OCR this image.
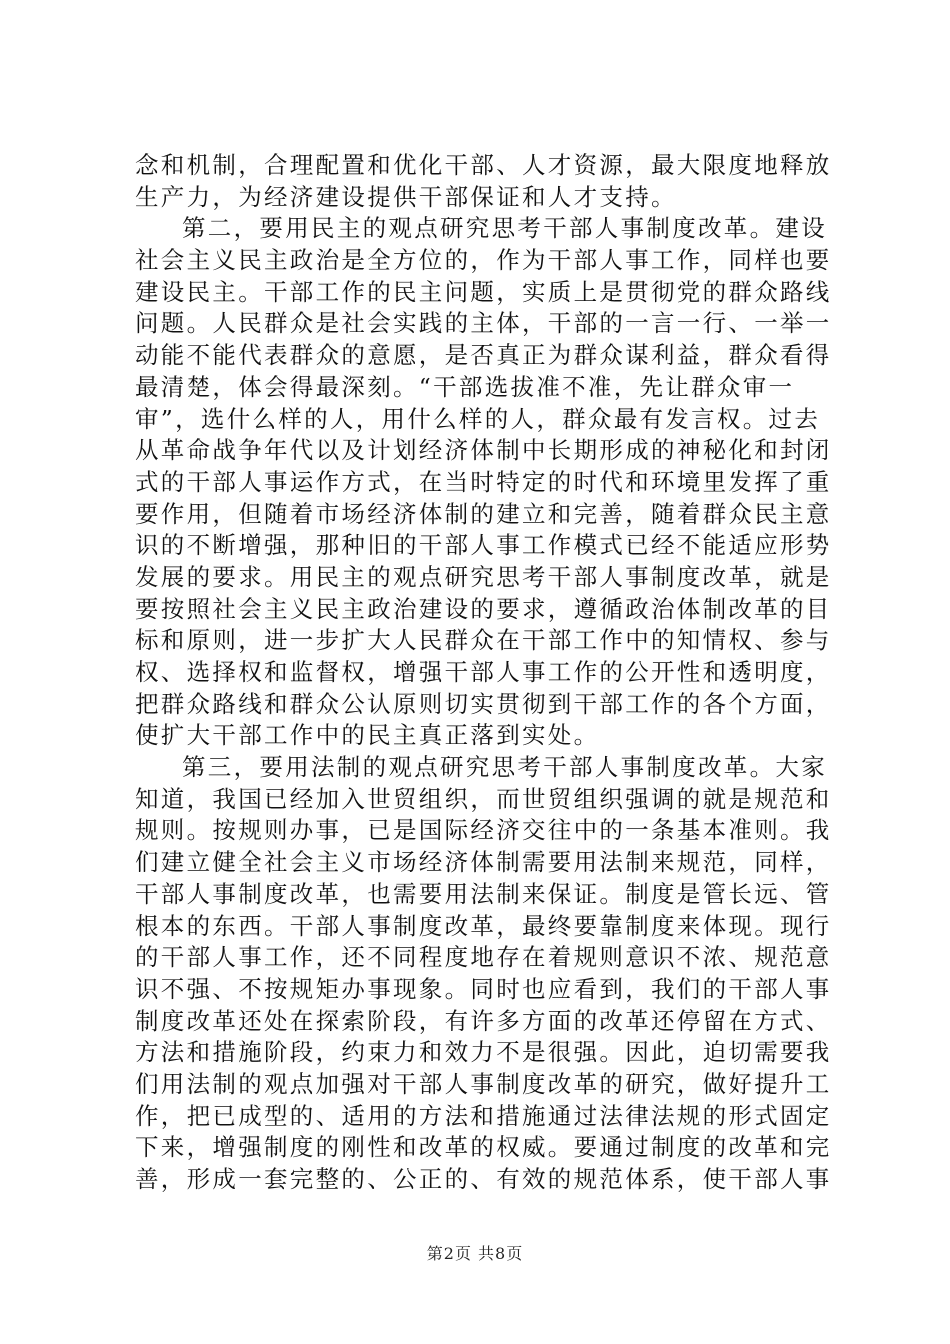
念和机制，合理配置和优化干部、人才资源，最大限度地释放
生产力，为经济建设提供干部保证和人才支持。
第二，要用民主的观点研究思考干部人事制度改革。建设
社会主义民主政治是全方位的，作为干部人事工作，同样也要
建设民主。干部工作的民主问题，实质上是贯彻党的群众路线
问题。人民群众是社会实践的主体，干部的一言一行、一举一
动能不能代表群众的意愿，是否真正为群众谋利益，群众看得
最清楚，体会得最深刻。“干部选拔准不准，先让群众审一
审”，选什么样的人，用什么样的人，群众最有发言权。过去
从革命战争年代以及计划经济体制中长期形成的神秘化和封闭
式的干部人事运作方式，在当时特定的时代和环境里发挥了重
要作用，但随着市场经济体制的建立和完善，随着群众民主意
识的不断增强，那种旧的干部人事工作模式已经不能适应形势
发展的要求。用民主的观点研究思考干部人事制度改革，就是
要按照社会主义民主政治建设的要求，遵循政治体制改革的目
标和原则，进一步扩大人民群众在干部工作中的知情权、参与
权、选择权和监督权，增强干部人事工作的公开性和透明度，
把群众路线和群众公认原则切实贯彻到干部工作的各个方面，
使扩大干部工作中的民主真正落到实处。
第三，要用法制的观点研究思考干部人事制度改革。大家
知道，我国已经加入世贸组织，而世贸组织强调的就是规范和
规则。按规则办事，已是国际经济交往中的一条基本准则。我
们建立健全社会主义市场经济体制需要用法制来规范，同样，
干部人事制度改革，也需要用法制来保证。制度是管长远、管
根本的东西。干部人事制度改革，最终要靠制度来体现。现行
的干部人事工作，还不同程度地存在着规则意识不浓、规范意
识不强、不按规矩办事现象。同时也应看到，我们的干部人事
制度改革还处在探索阶段，有许多方面的改革还停留在方式、
方法和措施阶段，约束力和效力不是很强。因此，迫切需要我
们用法制的观点加强对干部人事制度改革的研究，做好提升工
作，把已成型的、适用的方法和措施通过法律法规的形式固定
下来，增强制度的刚性和改革的权威。要通过制度的改革和完
善，形成一套完整的、公正的、有效的规范体系，使干部人事
第2页 共8页
